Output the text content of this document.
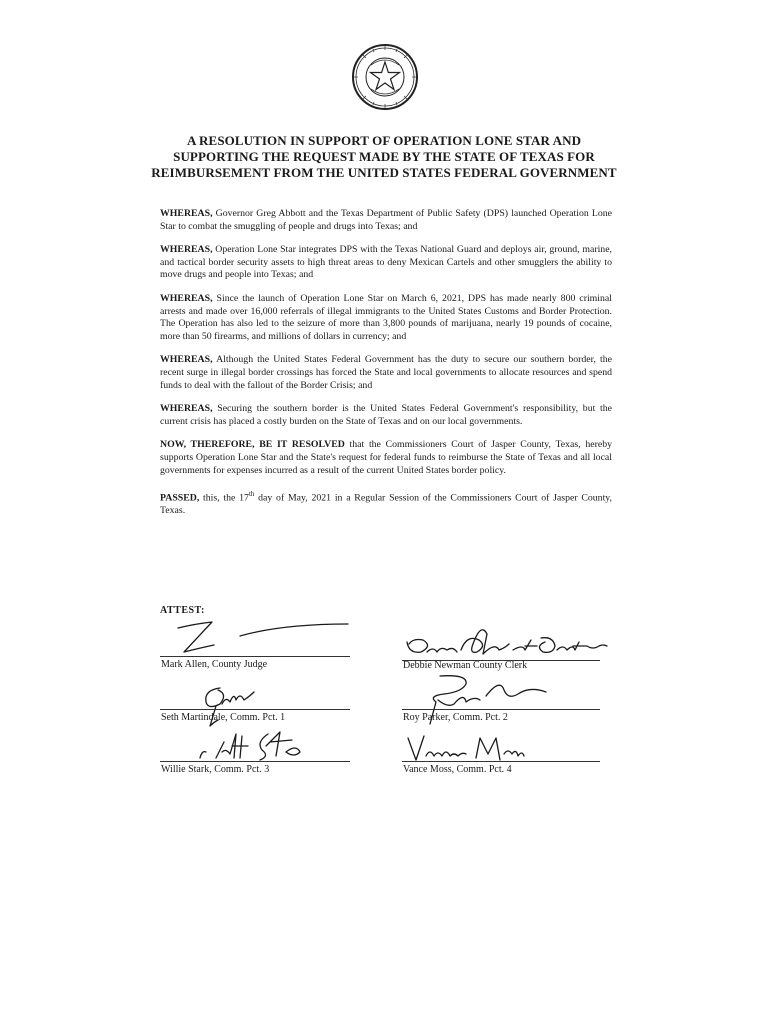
A RESOLUTION IN SUPPORT OF OPERATION LONE STAR AND SUPPORTING THE REQUEST MADE BY THE STATE OF TEXAS FOR REIMBURSEMENT FROM THE UNITED STATES FEDERAL GOVERNMENT

WHEREAS, Governor Greg Abbott and the Texas Department of Public Safety (DPS) launched Operation Lone Star to combat the smuggling of people and drugs into Texas; and

WHEREAS, Operation Lone Star integrates DPS with the Texas National Guard and deploys air, ground, marine, and tactical border security assets to high threat areas to deny Mexican Cartels and other smugglers the ability to move drugs and people into Texas; and

WHEREAS, Since the launch of Operation Lone Star on March 6, 2021, DPS has made nearly 800 criminal arrests and made over 16,000 referrals of illegal immigrants to the United States Customs and Border Protection. The Operation has also led to the seizure of more than 3,800 pounds of marijuana, nearly 19 pounds of cocaine, more than 50 firearms, and millions of dollars in currency; and

WHEREAS, Although the United States Federal Government has the duty to secure our southern border, the recent surge in illegal border crossings has forced the State and local governments to allocate resources and spend funds to deal with the fallout of the Border Crisis; and

WHEREAS, Securing the southern border is the United States Federal Government's responsibility, but the current crisis has placed a costly burden on the State of Texas and on our local governments.

NOW, THEREFORE, BE IT RESOLVED that the Commissioners Court of Jasper County, Texas, hereby supports Operation Lone Star and the State's request for federal funds to reimburse the State of Texas and all local governments for expenses incurred as a result of the current United States border policy.

PASSED, this, the 17th day of May, 2021 in a Regular Session of the Commissioners Court of Jasper County, Texas.

ATTEST:
Mark Allen, County Judge	Debbie Newman County Clerk
Seth Martindale, Comm. Pct. 1	Roy Parker, Comm. Pct. 2
Willie Stark, Comm. Pct. 3	Vance Moss, Comm. Pct. 4
